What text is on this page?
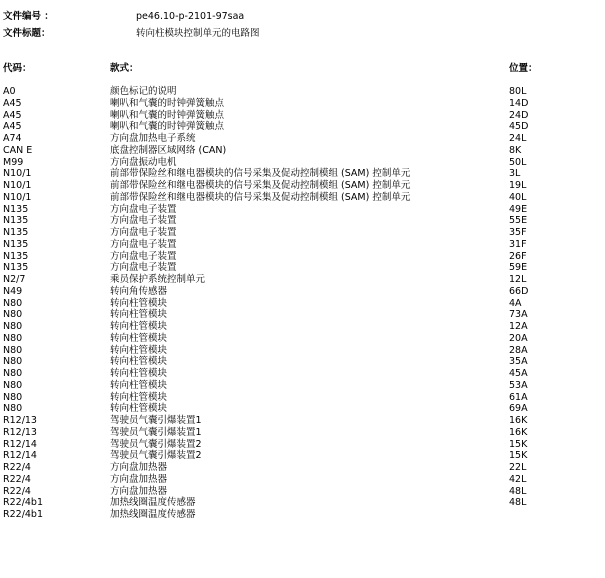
文件编号 ：	pe46.10-p-2101-97saa
文件标题：	转向柱模块控制单元的电路图
代码：	款式：	位置：
A0	颜色标记的说明	80L
A45	喇叭和气囊的时钟弹簧触点	14D
A45	喇叭和气囊的时钟弹簧触点	24D
A45	喇叭和气囊的时钟弹簧触点	45D
A74	方向盘加热电子系统	24L
CAN E	底盘控制器区域网络 (CAN)	8K
M99	方向盘振动电机	50L
N10/1	前部带保险丝和继电器模块的信号采集及促动控制模组 (SAM) 控制单元	3L
N10/1	前部带保险丝和继电器模块的信号采集及促动控制模组 (SAM) 控制单元	19L
N10/1	前部带保险丝和继电器模块的信号采集及促动控制模组 (SAM) 控制单元	40L
N135	方向盘电子装置	49E
N135	方向盘电子装置	55E
N135	方向盘电子装置	35F
N135	方向盘电子装置	31F
N135	方向盘电子装置	26F
N135	方向盘电子装置	59E
N2/7	乘员保护系统控制单元	12L
N49	转向角传感器	66D
N80	转向柱管模块	4A
N80	转向柱管模块	73A
N80	转向柱管模块	12A
N80	转向柱管模块	20A
N80	转向柱管模块	28A
N80	转向柱管模块	35A
N80	转向柱管模块	45A
N80	转向柱管模块	53A
N80	转向柱管模块	61A
N80	转向柱管模块	69A
R12/13	驾驶员气囊引爆装置1	16K
R12/13	驾驶员气囊引爆装置1	16K
R12/14	驾驶员气囊引爆装置2	15K
R12/14	驾驶员气囊引爆装置2	15K
R22/4	方向盘加热器	22L
R22/4	方向盘加热器	42L
R22/4	方向盘加热器	48L
R22/4b1	加热线圈温度传感器	48L
R22/4b1	加热线圈温度传感器
